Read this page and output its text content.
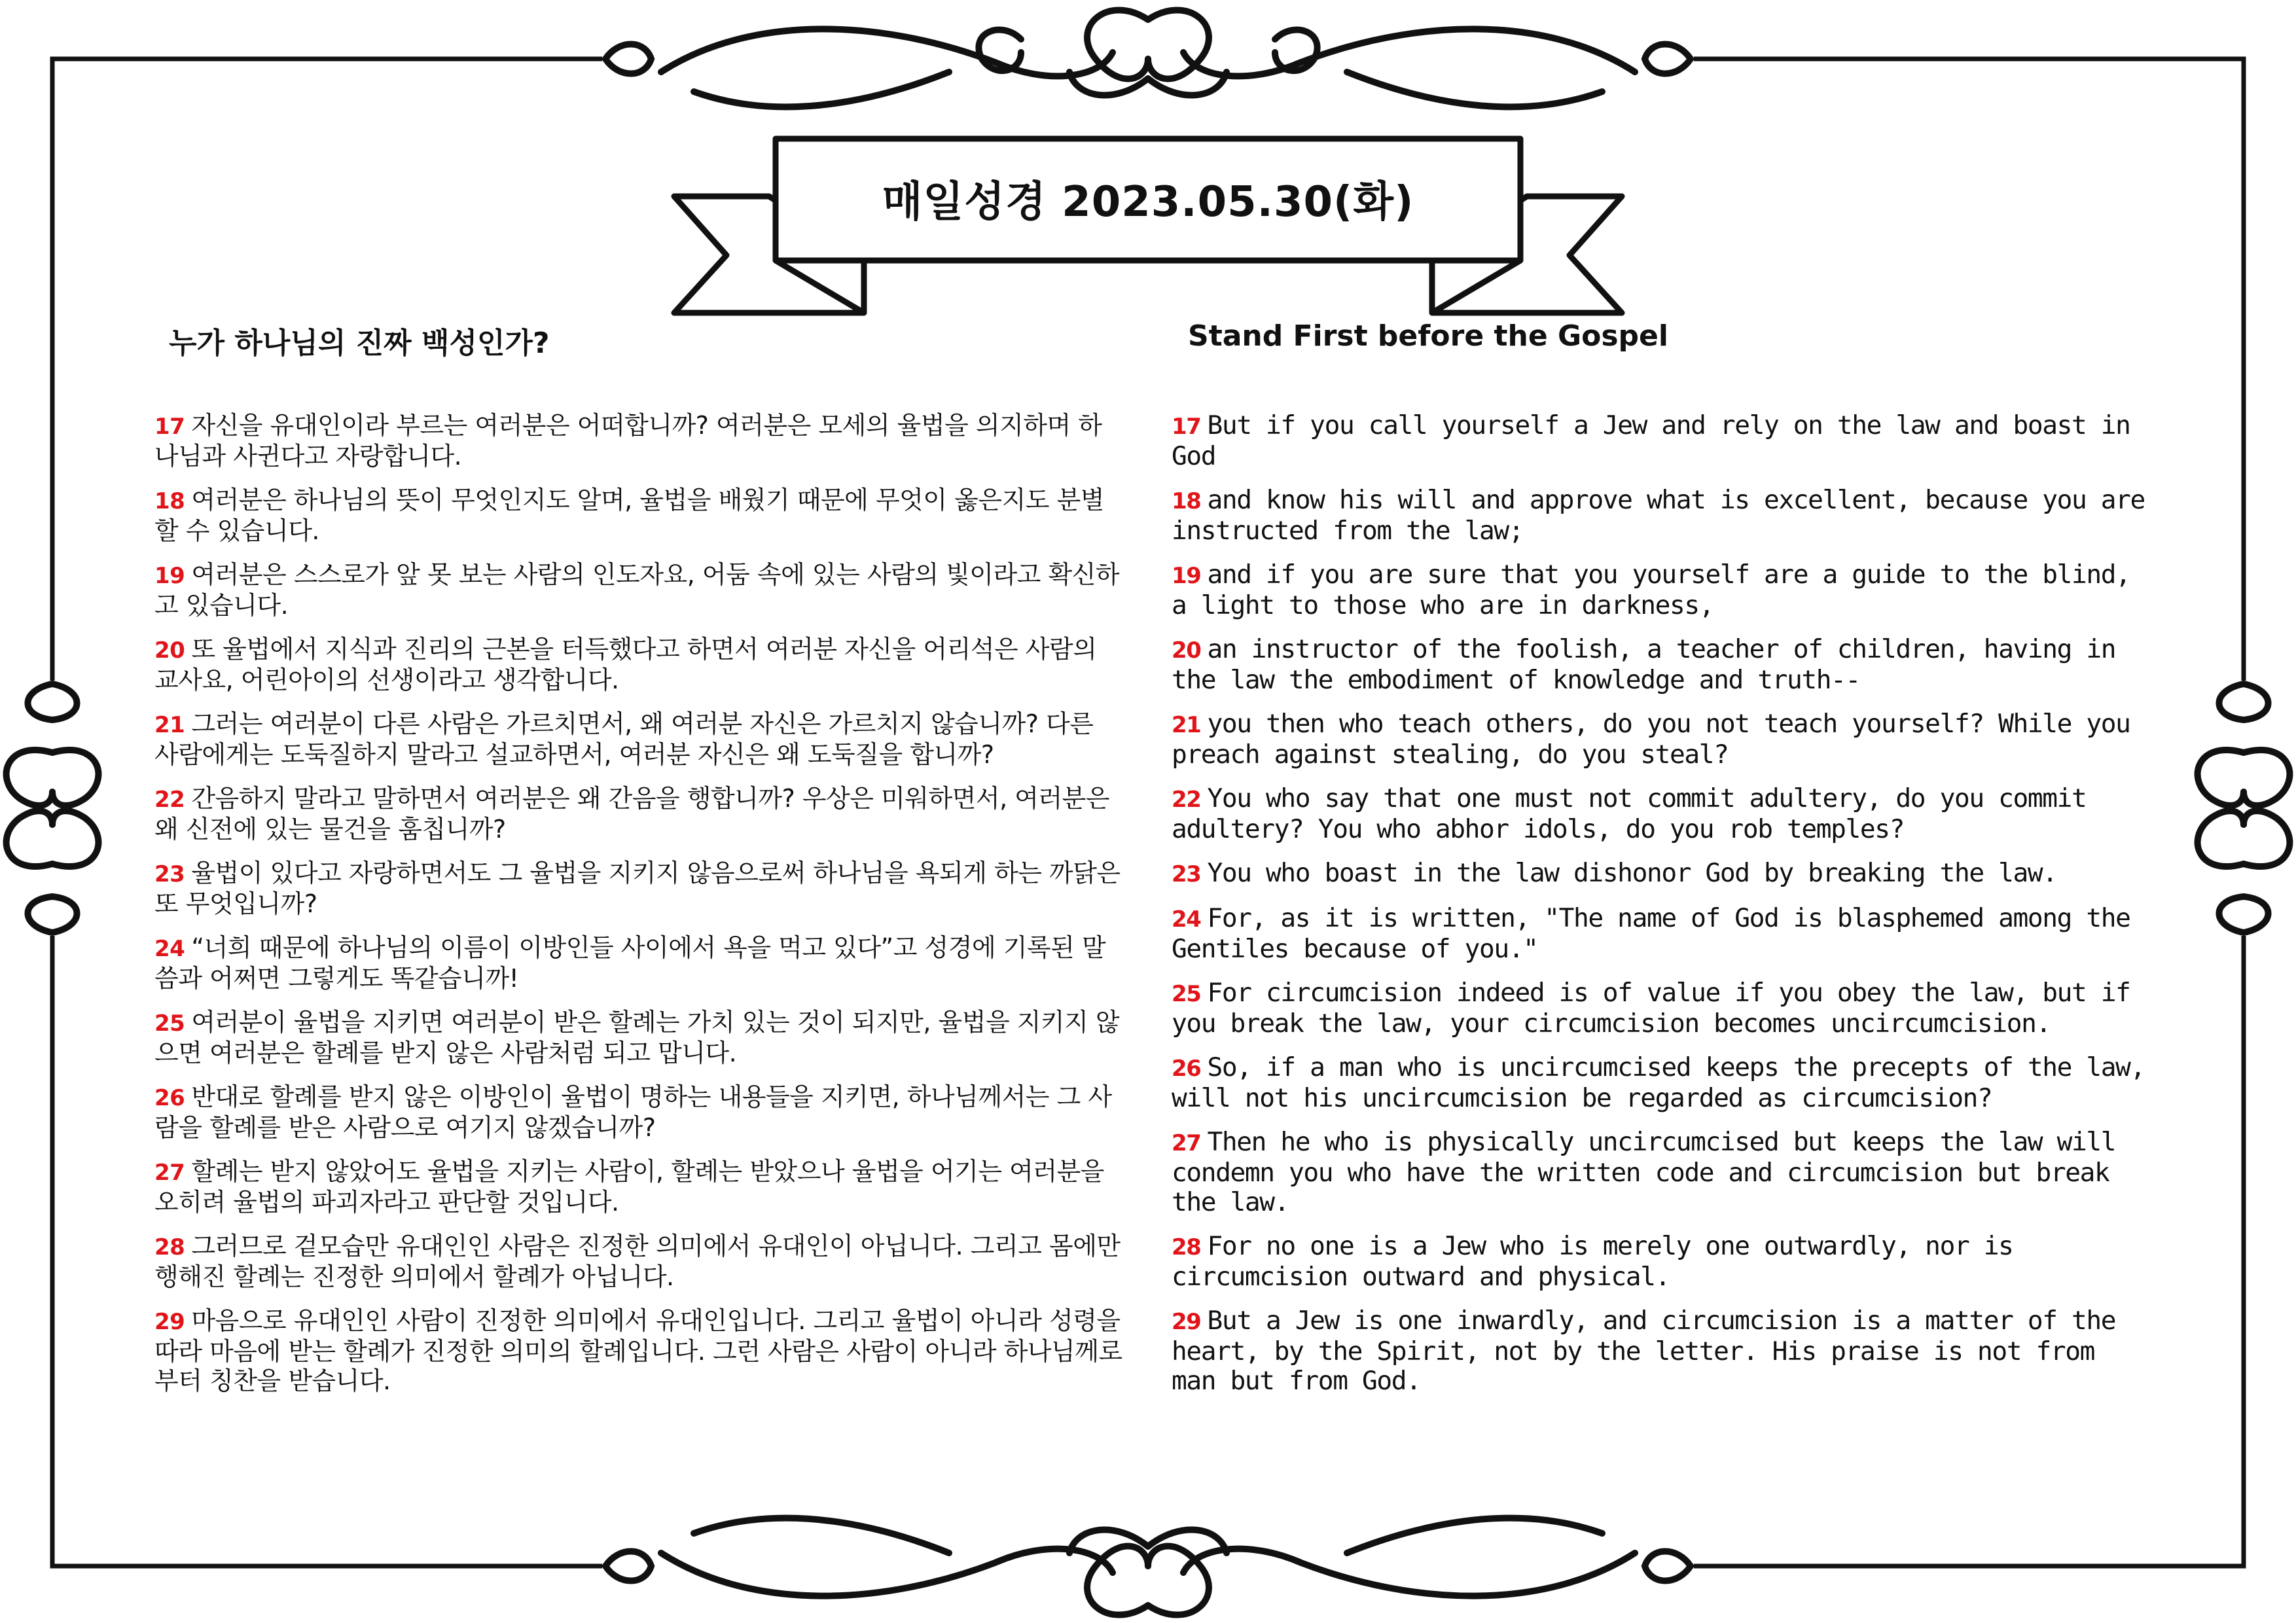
매일성경 2023.05.30(화)
누가 하나님의 진짜 백성인가?	Stand First before the Gospel

17 자신을 유대인이라 부르는 여러분은 어떠합니까? 여러분은 모세의 율법을 의지하며 하나님과 사귄다고 자랑합니다.

18 여러분은 하나님의 뜻이 무엇인지도 알며, 율법을 배웠기 때문에 무엇이 옳은지도 분별할 수 있습니다.

19 여러분은 스스로가 앞 못 보는 사람의 인도자요, 어둠 속에 있는 사람의 빛이라고 확신하고 있습니다.

20 또 율법에서 지식과 진리의 근본을 터득했다고 하면서 여러분 자신을 어리석은 사람의 교사요, 어린아이의 선생이라고 생각합니다.

21 그러는 여러분이 다른 사람은 가르치면서, 왜 여러분 자신은 가르치지 않습니까? 다른 사람에게는 도둑질하지 말라고 설교하면서, 여러분 자신은 왜 도둑질을 합니까?

22 간음하지 말라고 말하면서 여러분은 왜 간음을 행합니까? 우상은 미워하면서, 여러분은 왜 신전에 있는 물건을 훔칩니까?

23 율법이 있다고 자랑하면서도 그 율법을 지키지 않음으로써 하나님을 욕되게 하는 까닭은 또 무엇입니까?

24 “너희 때문에 하나님의 이름이 이방인들 사이에서 욕을 먹고 있다”고 성경에 기록된 말씀과 어쩌면 그렇게도 똑같습니까!

25 여러분이 율법을 지키면 여러분이 받은 할례는 가치 있는 것이 되지만, 율법을 지키지 않으면 여러분은 할례를 받지 않은 사람처럼 되고 맙니다.

26 반대로 할례를 받지 않은 이방인이 율법이 명하는 내용들을 지키면, 하나님께서는 그 사람을 할례를 받은 사람으로 여기지 않겠습니까?

27 할례는 받지 않았어도 율법을 지키는 사람이, 할례는 받았으나 율법을 어기는 여러분을 오히려 율법의 파괴자라고 판단할 것입니다.

28 그러므로 겉모습만 유대인인 사람은 진정한 의미에서 유대인이 아닙니다. 그리고 몸에만 행해진 할례는 진정한 의미에서 할례가 아닙니다.

29 마음으로 유대인인 사람이 진정한 의미에서 유대인입니다. 그리고 율법이 아니라 성령을 따라 마음에 받는 할례가 진정한 의미의 할례입니다. 그런 사람은 사람이 아니라 하나님께로부터 칭찬을 받습니다.

17 But if you call yourself a Jew and rely on the law and boast in God

18 and know his will and approve what is excellent, because you are instructed from the law;

19 and if you are sure that you yourself are a guide to the blind, a light to those who are in darkness,

20 an instructor of the foolish, a teacher of children, having in the law the embodiment of knowledge and truth--

21 you then who teach others, do you not teach yourself? While you preach against stealing, do you steal?

22 You who say that one must not commit adultery, do you commit adultery? You who abhor idols, do you rob temples?

23 You who boast in the law dishonor God by breaking the law.

24 For, as it is written, "The name of God is blasphemed among the Gentiles because of you."

25 For circumcision indeed is of value if you obey the law, but if you break the law, your circumcision becomes uncircumcision.

26 So, if a man who is uncircumcised keeps the precepts of the law, will not his uncircumcision be regarded as circumcision?

27 Then he who is physically uncircumcised but keeps the law will condemn you who have the written code and circumcision but break the law.

28 For no one is a Jew who is merely one outwardly, nor is circumcision outward and physical.

29 But a Jew is one inwardly, and circumcision is a matter of the heart, by the Spirit, not by the letter. His praise is not from man but from God.
